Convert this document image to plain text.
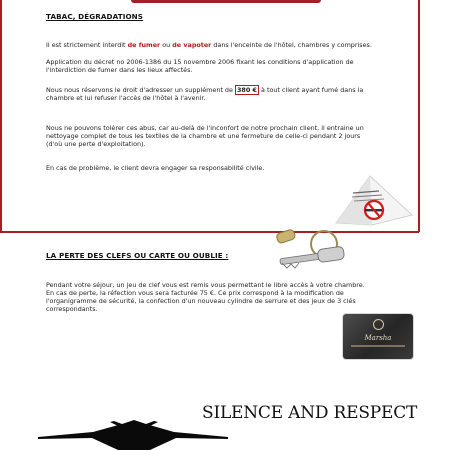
TABAC, DÉGRADATIONS
Il est strictement interdit de fumer ou de vapoter dans l'enceinte de l'hôtel, chambres y comprises.
Application du décret no 2006-1386 du 15 novembre 2006 fixant les conditions d'application de
l'interdiction de fumer dans les lieux affectés.
Nous nous réservons le droit d'adresser un supplément de 380 € à tout client ayant fumé dans la
chambre et lui refuser l'accès de l'hôtel à l'avenir.
Nous ne pouvons tolérer ces abus, car au-delà de l'inconfort de notre prochain client, il entraine un
nettoyage complet de tous les textiles de la chambre et une fermeture de celle-ci pendant 2 jours
(d'où une perte d'exploitation).
En cas de problème, le client devra engager sa responsabilité civile.
LA PERTE DES CLEFS OU CARTE OU OUBLIE :
Pendant votre séjour, un jeu de clef vous est remis vous permettant le libre accès à votre chambre.
En cas de perte, la réfection vous sera facturée 75 €. Ce prix correspond à la modification de
l'organigramme de sécurité, la confection d'un nouveau cylindre de serrure et des jeux de 3 clés
correspondants.
Marsha
SILENCE AND RESPECT
